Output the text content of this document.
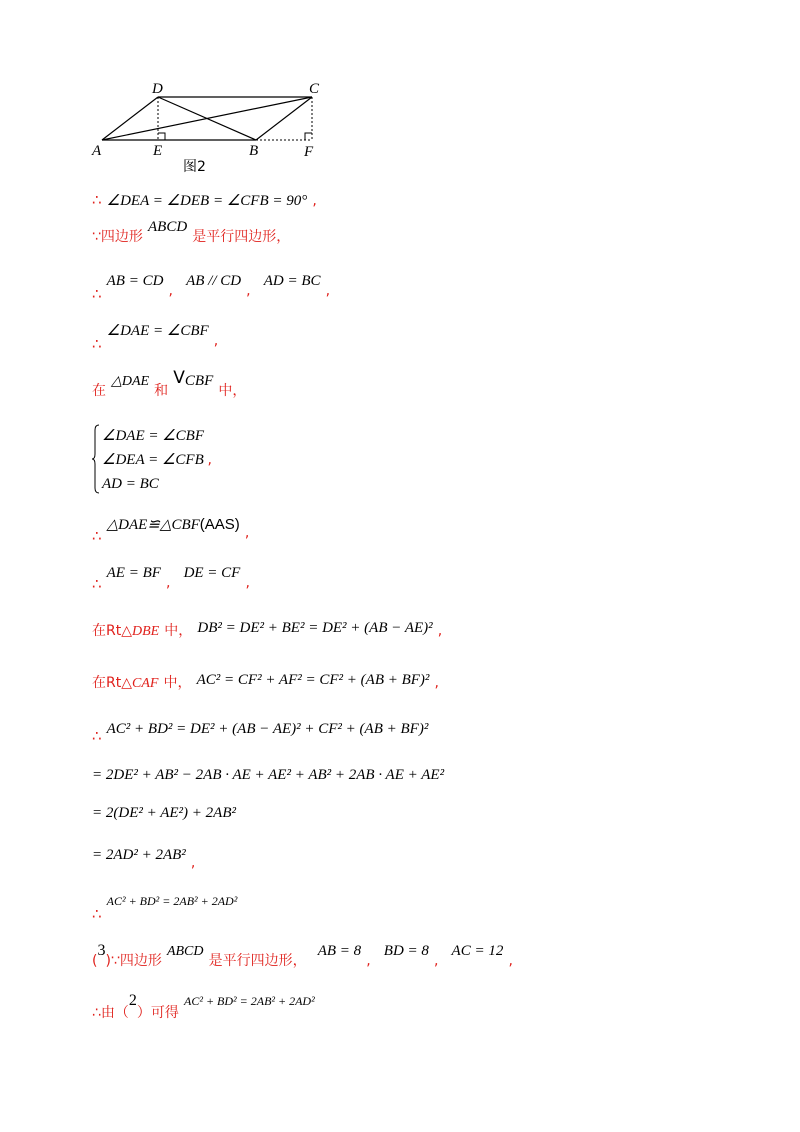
A	E	B	F
D	C
图2
∴ ∠DEA = ∠DEB = ∠CFB = 90° ,
∵四边形 ABCD 是平行四边形，
∴ AB = CD , AB // CD , AD = BC ,
∴ ∠DAE = ∠CBF ,
在 △DAE 和 VCBF 中，
∠DAE = ∠CBF
∠DEA = ∠CFB ,
AD = BC
∴ △DAE≌△CBF(AAS) ,
∴ AE = BF , DE = CF ,
在Rt△DBE 中， DB² = DE² + BE² = DE² + (AB − AE)² ,
在Rt△CAF 中， AC² = CF² + AF² = CF² + (AB + BF)² ,
∴ AC² + BD² = DE² + (AB − AE)² + CF² + (AB + BF)²
= 2DE² + AB² − 2AB · AE + AE² + AB² + 2AB · AE + AE²
= 2(DE² + AE²) + 2AB²
= 2AD² + 2AB² ,
∴ AC² + BD² = 2AB² + 2AD²
(3)∵四边形 ABCD 是平行四边形， AB = 8 , BD = 8 , AC = 12 ,
∴由（2）可得 AC² + BD² = 2AB² + 2AD²
